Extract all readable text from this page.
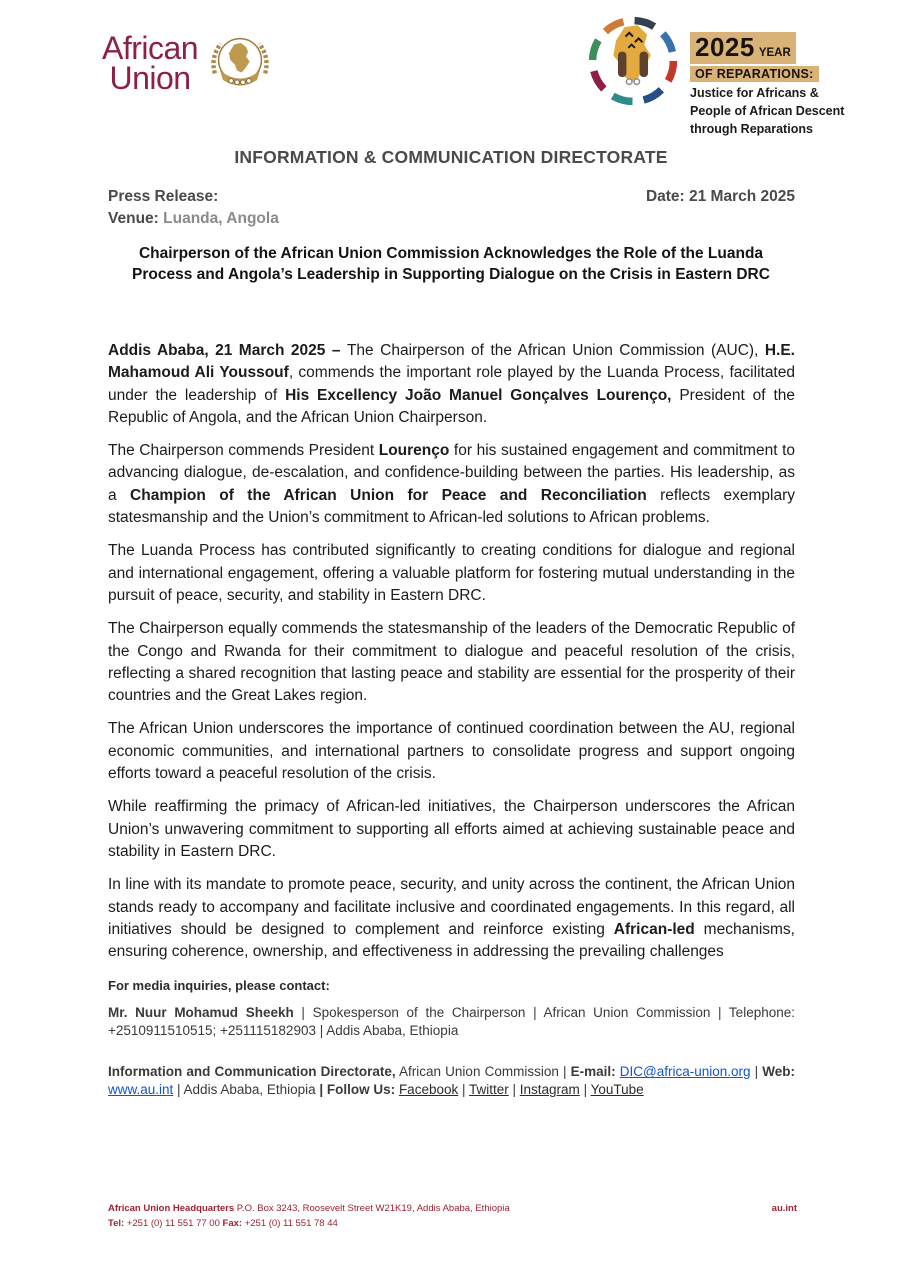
African
Union
2025 YEAR
OF REPARATIONS:
Justice for Africans &
People of African Descent
through Reparations
INFORMATION & COMMUNICATION DIRECTORATE
Press Release:	Date: 21 March 2025
Venue: Luanda, Angola
Chairperson of the African Union Commission Acknowledges the Role of the Luanda Process and Angola’s Leadership in Supporting Dialogue on the Crisis in Eastern DRC

Addis Ababa, 21 March 2025 – The Chairperson of the African Union Commission (AUC), H.E. Mahamoud Ali Youssouf, commends the important role played by the Luanda Process, facilitated under the leadership of His Excellency João Manuel Gonçalves Lourenço, President of the Republic of Angola, and the African Union Chairperson.

The Chairperson commends President Lourenço for his sustained engagement and commitment to advancing dialogue, de-escalation, and confidence-building between the parties. His leadership, as a Champion of the African Union for Peace and Reconciliation reflects exemplary statesmanship and the Union’s commitment to African-led solutions to African problems.

The Luanda Process has contributed significantly to creating conditions for dialogue and regional and international engagement, offering a valuable platform for fostering mutual understanding in the pursuit of peace, security, and stability in Eastern DRC.

The Chairperson equally commends the statesmanship of the leaders of the Democratic Republic of the Congo and Rwanda for their commitment to dialogue and peaceful resolution of the crisis, reflecting a shared recognition that lasting peace and stability are essential for the prosperity of their countries and the Great Lakes region.

The African Union underscores the importance of continued coordination between the AU, regional economic communities, and international partners to consolidate progress and support ongoing efforts toward a peaceful resolution of the crisis.

While reaffirming the primacy of African-led initiatives, the Chairperson underscores the African Union’s unwavering commitment to supporting all efforts aimed at achieving sustainable peace and stability in Eastern DRC.

In line with its mandate to promote peace, security, and unity across the continent, the African Union stands ready to accompany and facilitate inclusive and coordinated engagements. In this regard, all initiatives should be designed to complement and reinforce existing African-led mechanisms, ensuring coherence, ownership, and effectiveness in addressing the prevailing challenges

For media inquiries, please contact:

Mr. Nuur Mohamud Sheekh | Spokesperson of the Chairperson | African Union Commission | Telephone: +2510911510515; +251115182903 | Addis Ababa, Ethiopia

Information and Communication Directorate, African Union Commission | E-mail: DIC@africa-union.org | Web: www.au.int | Addis Ababa, Ethiopia | Follow Us: Facebook | Twitter | Instagram | YouTube

African Union Headquarters P.O. Box 3243, Roosevelt Street W21K19, Addis Ababa, Ethiopia
Tel: +251 (0) 11 551 77 00 Fax: +251 (0) 11 551 78 44
au.int
